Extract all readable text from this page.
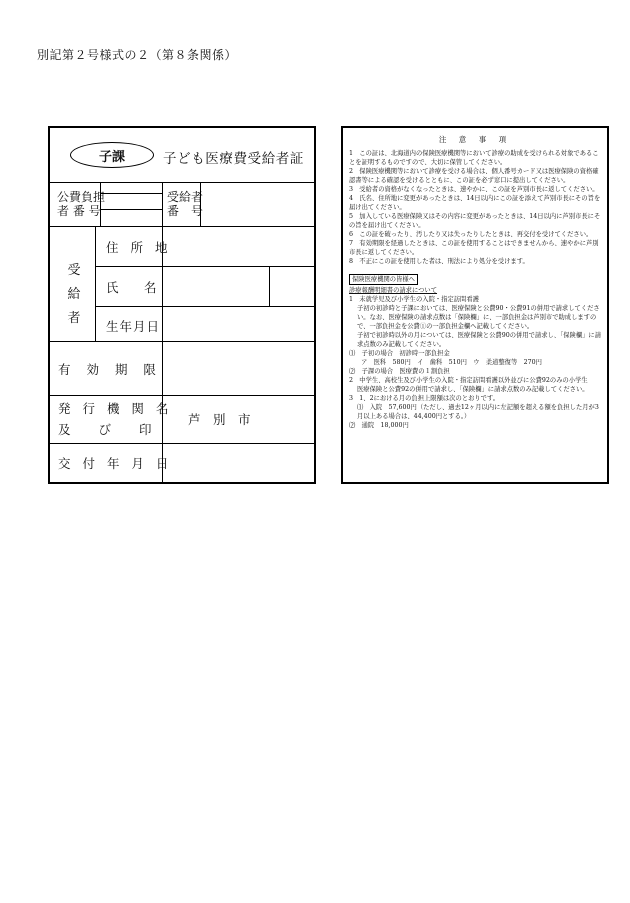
別記第２号様式の２（第８条関係）
子課	子ども医療費受給者証
公費負担
者 番 号
受給者
番　号
受
給
者
住 所 地
氏 名
生年月日
有 効 期 限
発 行 機 関 名
及　　び　　印
芦　別　市
交 付 年 月 日
注 意 事 項
1　この証は、北海道内の保険医療機関等において診療の助成を受けられる対象であることを証明するものですので、大切に保管してください。
2　保険医療機関等において診療を受ける場合は、個人番号カード又は医療保険の資格確認書等による確認を受けるとともに、この証を必ず窓口に提出してください。
3　受給者の資格がなくなったときは、速やかに、この証を芦別市長に返してください。
4　氏名、住所地に変更があったときは、14日以内にこの証を添えて芦別市長にその旨を届け出てください。
5　加入している医療保険又はその内容に変更があったときは、14日以内に芦別市長にその旨を届け出てください。
6　この証を破ったり、汚したり又は失ったりしたときは、再交付を受けてください。
7　有効期限を経過したときは、この証を使用することはできませんから、速やかに芦別市長に返してください。
8　不正にこの証を使用した者は、刑法により処分を受けます。
保険医療機関の皆様へ
診療報酬明細書の請求について
1　未就学児及び小学生の入院・指定訪問看護
子初の初診時と子課においては、医療保険と公費90・公費91の併用で請求してください。なお、医療保険の請求点数は「保険欄」に、一部負担金は芦別市で助成しますので、一部負担金を公費①の一部負担金欄へ記載してください。
子初で初診時以外の月については、医療保険と公費90の併用で請求し、「保険欄」に請求点数のみ記載してください。
⑴　子初の場合　初診時一部負担金
ア　医科　580円　イ　歯科　510円　ウ　柔道整復等　270円
⑵　子課の場合　医療費の１割負担
2　中学生、高校生及び小学生の入院・指定訪問看護以外並びに公費92のみの小学生
医療保険と公費92の併用で請求し、「保険欄」に請求点数のみ記載してください。
3　1、2における月の負担上限額は次のとおりです。
⑴　入院　57,600円（ただし、過去12ヶ月以内に左記額を超える額を負担した月が3月以上ある場合は、44,400円とする。）
⑵　通院　18,000円
